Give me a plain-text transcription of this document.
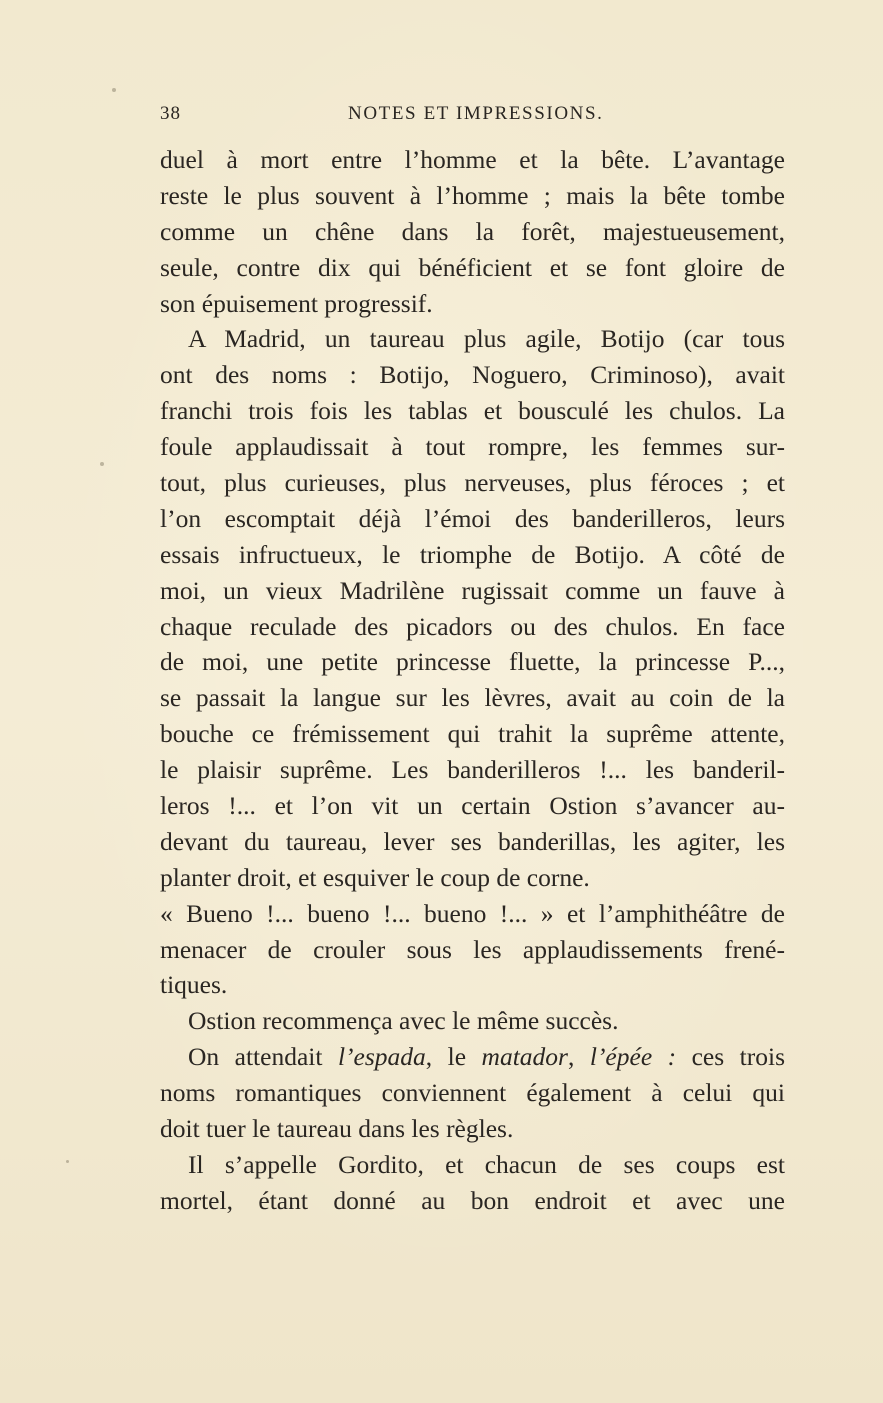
38	NOTES ET IMPRESSIONS.
duel à mort entre l’homme et la bête. L’avantage
reste le plus souvent à l’homme ; mais la bête tombe
comme un chêne dans la forêt, majestueusement,
seule, contre dix qui bénéficient et se font gloire de
son épuisement progressif.
A Madrid, un taureau plus agile, Botijo (car tous
ont des noms : Botijo, Noguero, Criminoso), avait
franchi trois fois les tablas et bousculé les chulos. La
foule applaudissait à tout rompre, les femmes sur-
tout, plus curieuses, plus nerveuses, plus féroces ; et
l’on escomptait déjà l’émoi des banderilleros, leurs
essais infructueux, le triomphe de Botijo. A côté de
moi, un vieux Madrilène rugissait comme un fauve à
chaque reculade des picadors ou des chulos. En face
de moi, une petite princesse fluette, la princesse P...,
se passait la langue sur les lèvres, avait au coin de la
bouche ce frémissement qui trahit la suprême attente,
le plaisir suprême. Les banderilleros !... les banderil-
leros !... et l’on vit un certain Ostion s’avancer au-
devant du taureau, lever ses banderillas, les agiter, les
planter droit, et esquiver le coup de corne.
« Bueno !... bueno !... bueno !... » et l’amphithéâtre de
menacer de crouler sous les applaudissements frené-
tiques.
Ostion recommença avec le même succès.
On attendait l’espada, le matador, l’épée : ces trois
noms romantiques conviennent également à celui qui
doit tuer le taureau dans les règles.
Il s’appelle Gordito, et chacun de ses coups est
mortel, étant donné au bon endroit et avec une
